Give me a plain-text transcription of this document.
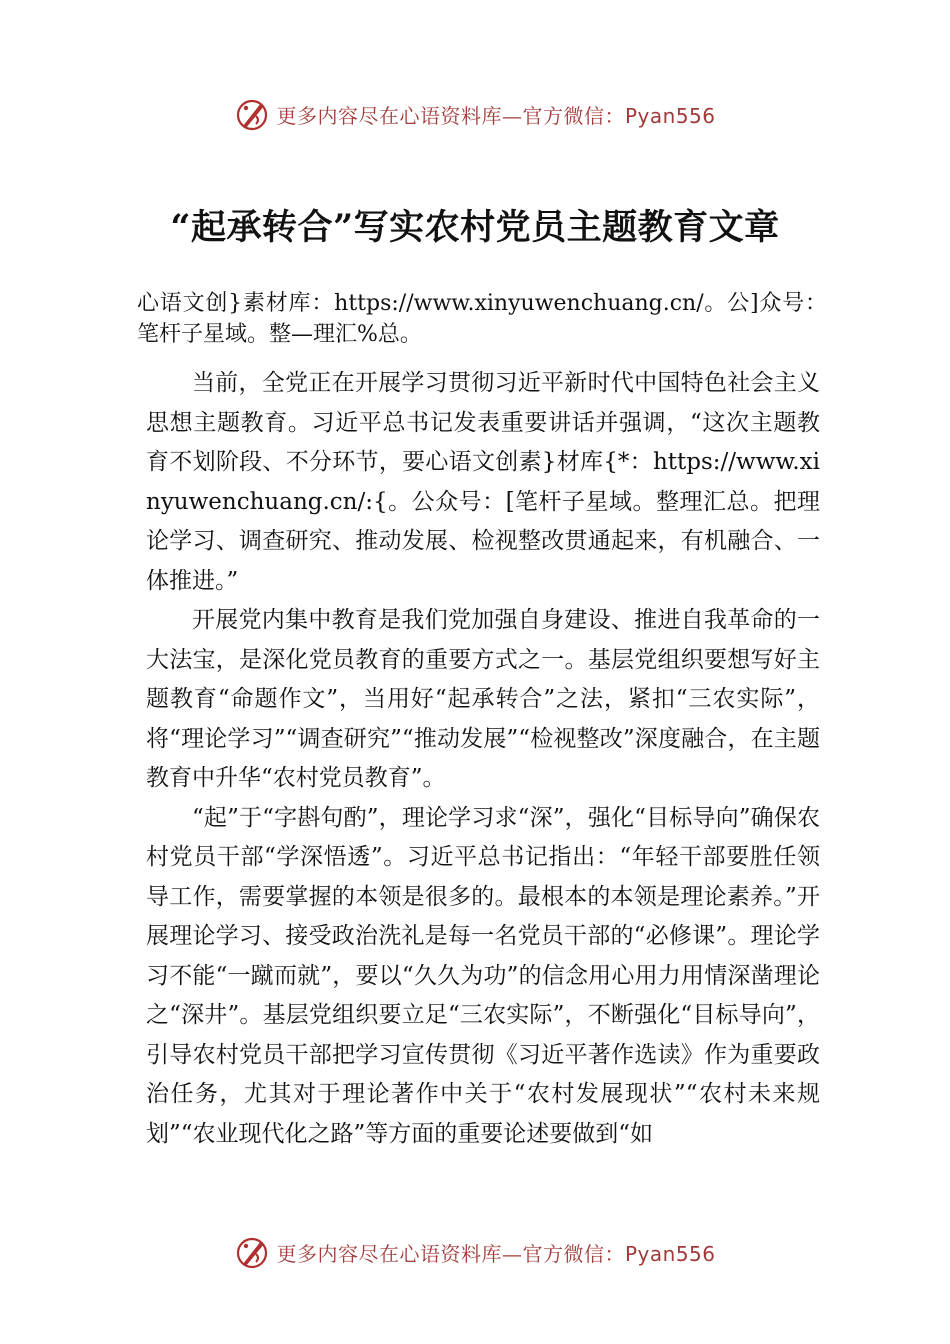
更多内容尽在心语资料库—官方微信：Pyan556
“起承转合”写实农村党员主题教育文章

心语文创}素材库：https://www.xinyuwenchuang.cn/。公]众号：笔杆子星域。整—理汇%总。

当前，全党正在开展学习贯彻习近平新时代中国特色社会主义思想主题教育。习近平总书记发表重要讲话并强调，“这次主题教育不划阶段、不分环节，要心语文创素}材库{*：https://www.xinyuwenchuang.cn/:{。公众号：[笔杆子星域。整理汇总。把理论学习、调查研究、推动发展、检视整改贯通起来，有机融合、一体推进。”

开展党内集中教育是我们党加强自身建设、推进自我革命的一大法宝，是深化党员教育的重要方式之一。基层党组织要想写好主题教育“命题作文”，当用好“起承转合”之法，紧扣“三农实际”，将“理论学习”“调查研究”“推动发展”“检视整改”深度融合，在主题教育中升华“农村党员教育”。

“起”于“字斟句酌”，理论学习求“深”，强化“目标导向”确保农村党员干部“学深悟透”。习近平总书记指出：“年轻干部要胜任领导工作，需要掌握的本领是很多的。最根本的本领是理论素养。”开展理论学习、接受政治洗礼是每一名党员干部的“必修课”。理论学习不能“一蹴而就”，要以“久久为功”的信念用心用力用情深凿理论之“深井”。基层党组织要立足“三农实际”，不断强化“目标导向”，引导农村党员干部把学习宣传贯彻《习近平著作选读》作为重要政治任务，尤其对于理论著作中关于“农村发展现状”“农村未来规划”“农业现代化之路”等方面的重要论述要做到“如

更多内容尽在心语资料库—官方微信：Pyan556
